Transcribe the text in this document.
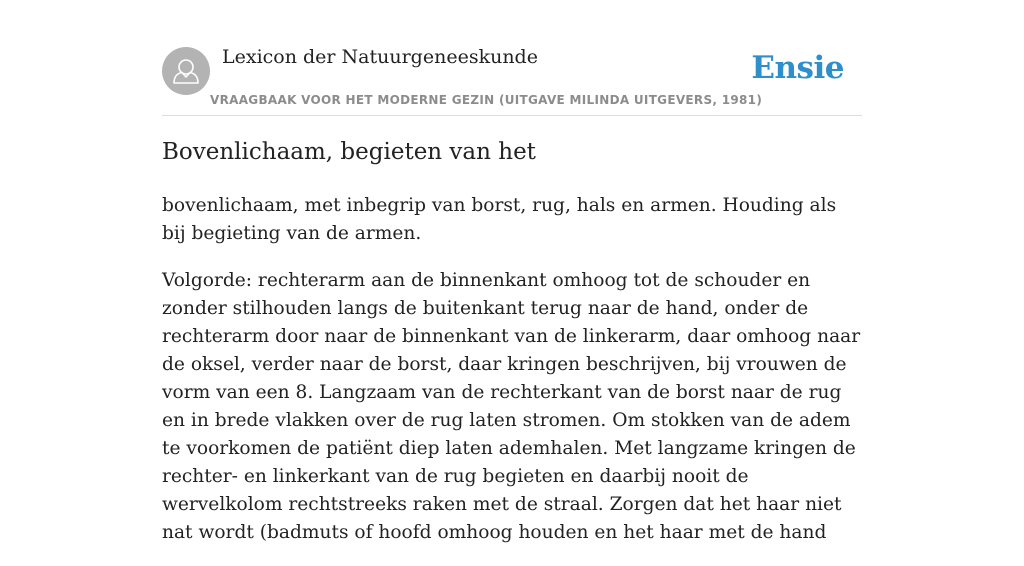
Lexicon der Natuurgeneeskunde
VRAAGBAAK VOOR HET MODERNE GEZIN (UITGAVE MILINDA UITGEVERS, 1981)
Ensie
Bovenlichaam, begieten van het

bovenlichaam, met inbegrip van borst, rug, hals en armen. Houding als bij begieting van de armen.

Volgorde: rechterarm aan de binnenkant omhoog tot de schouder en zonder stilhouden langs de buitenkant terug naar de hand, onder de rechterarm door naar de binnenkant van de linkerarm, daar omhoog naar de oksel, verder naar de borst, daar kringen beschrijven, bij vrouwen de vorm van een 8. Langzaam van de rechterkant van de borst naar de rug en in brede vlakken over de rug laten stromen. Om stokken van de adem te voorkomen de patiënt diep laten ademhalen. Met langzame kringen de rechter- en linkerkant van de rug begieten en daarbij nooit de wervelkolom rechtstreeks raken met de straal. Zorgen dat het haar niet nat wordt (badmuts of hoofd omhoog houden en het haar met de hand
